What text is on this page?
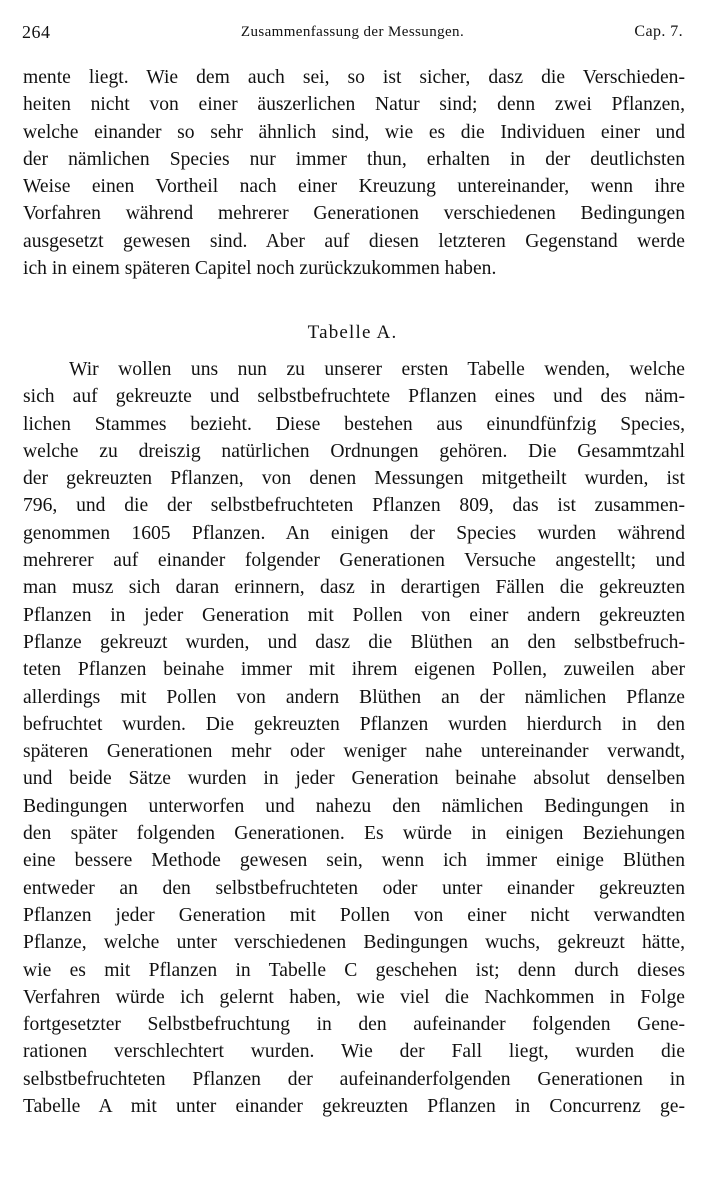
264	Zusammenfassung der Messungen.	Cap. 7.
mente liegt. Wie dem auch sei, so ist sicher, dasz die Verschieden-
heiten nicht von einer äuszerlichen Natur sind; denn zwei Pflanzen,
welche einander so sehr ähnlich sind, wie es die Individuen einer und
der nämlichen Species nur immer thun, erhalten in der deutlichsten
Weise einen Vortheil nach einer Kreuzung untereinander, wenn ihre
Vorfahren während mehrerer Generationen verschiedenen Bedingungen
ausgesetzt gewesen sind. Aber auf diesen letzteren Gegenstand werde
ich in einem späteren Capitel noch zurückzukommen haben.
Tabelle A.
Wir wollen uns nun zu unserer ersten Tabelle wenden, welche
sich auf gekreuzte und selbstbefruchtete Pflanzen eines und des näm-
lichen Stammes bezieht. Diese bestehen aus einundfünfzig Species,
welche zu dreiszig natürlichen Ordnungen gehören. Die Gesammtzahl
der gekreuzten Pflanzen, von denen Messungen mitgetheilt wurden, ist
796, und die der selbstbefruchteten Pflanzen 809, das ist zusammen-
genommen 1605 Pflanzen. An einigen der Species wurden während
mehrerer auf einander folgender Generationen Versuche angestellt; und
man musz sich daran erinnern, dasz in derartigen Fällen die gekreuzten
Pflanzen in jeder Generation mit Pollen von einer andern gekreuzten
Pflanze gekreuzt wurden, und dasz die Blüthen an den selbstbefruch-
teten Pflanzen beinahe immer mit ihrem eigenen Pollen, zuweilen aber
allerdings mit Pollen von andern Blüthen an der nämlichen Pflanze
befruchtet wurden. Die gekreuzten Pflanzen wurden hierdurch in den
späteren Generationen mehr oder weniger nahe untereinander verwandt,
und beide Sätze wurden in jeder Generation beinahe absolut denselben
Bedingungen unterworfen und nahezu den nämlichen Bedingungen in
den später folgenden Generationen. Es würde in einigen Beziehungen
eine bessere Methode gewesen sein, wenn ich immer einige Blüthen
entweder an den selbstbefruchteten oder unter einander gekreuzten
Pflanzen jeder Generation mit Pollen von einer nicht verwandten
Pflanze, welche unter verschiedenen Bedingungen wuchs, gekreuzt hätte,
wie es mit Pflanzen in Tabelle C geschehen ist; denn durch dieses
Verfahren würde ich gelernt haben, wie viel die Nachkommen in Folge
fortgesetzter Selbstbefruchtung in den aufeinander folgenden Gene-
rationen verschlechtert wurden. Wie der Fall liegt, wurden die
selbstbefruchteten Pflanzen der aufeinanderfolgenden Generationen in
Tabelle A mit unter einander gekreuzten Pflanzen in Concurrenz ge-
